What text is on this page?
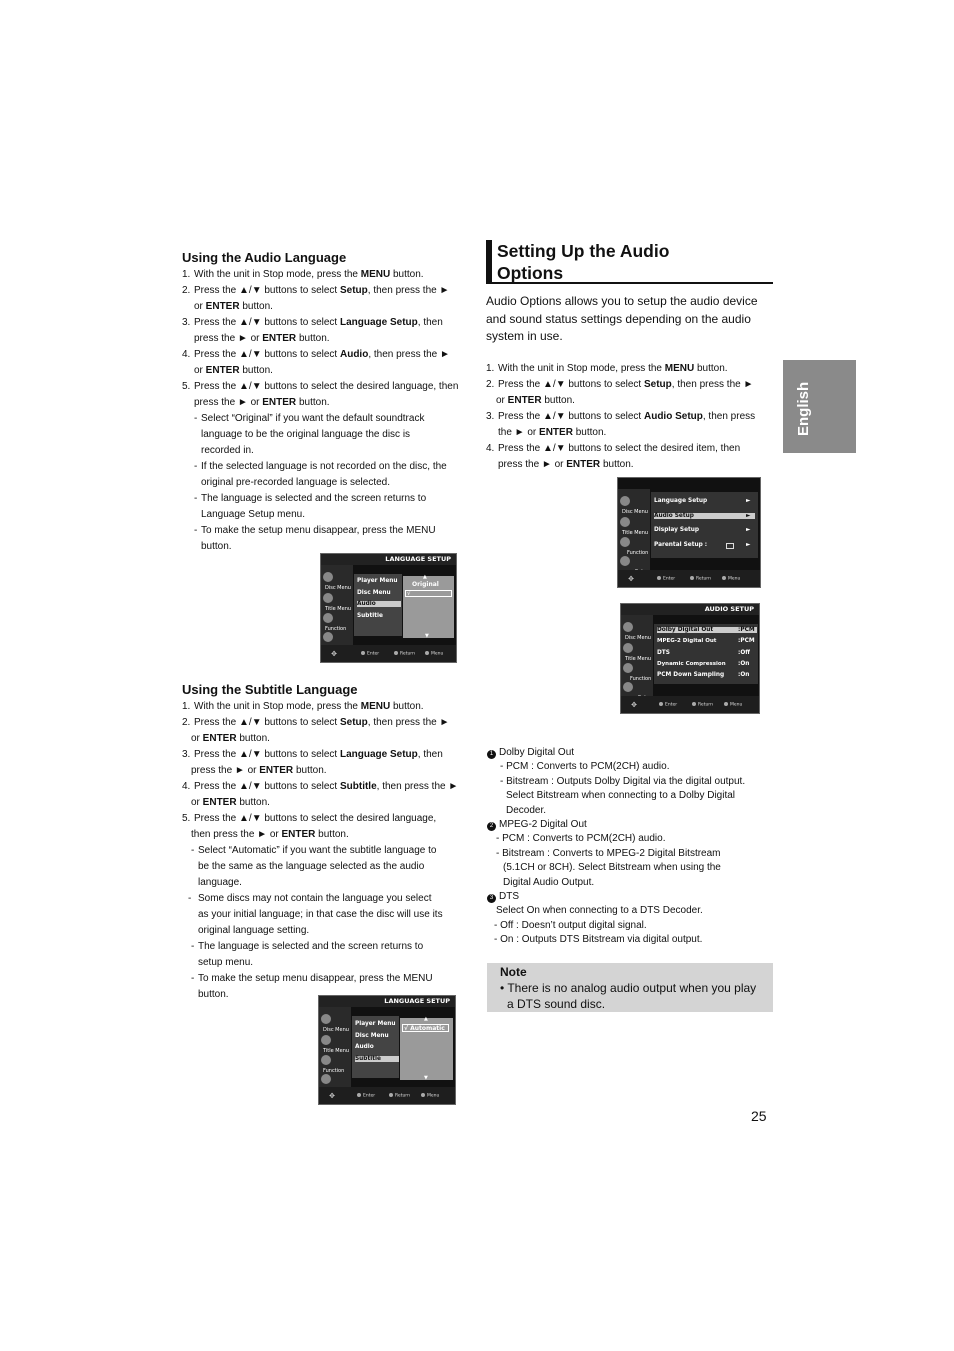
Using the Audio Language
1. With the unit in Stop mode, press the MENU button.
2. Press the ▲/▼ buttons to select Setup, then press the ►
or ENTER button.
3. Press the ▲/▼ buttons to select Language Setup, then
press the ► or ENTER button.
4. Press the ▲/▼ buttons to select Audio, then press the ►
or ENTER button.
5. Press the ▲/▼ buttons to select the desired language, then
press the ► or ENTER button.
- Select “Original” if you want the default soundtrack
language to be the original language the disc is
recorded in.
- If the selected language is not recorded on the disc, the
original pre-recorded language is selected.
- The language is selected and the screen returns to
Language Setup menu.
- To make the setup menu disappear, press the MENU
button.
LANGUAGE SETUP
Disc Menu
Title Menu
Function
Player Menu
Disc Menu
Audio
Subtitle
▲
Original
√
▼
✥	Enter	Return	Menu
Using the Subtitle Language
1. With the unit in Stop mode, press the MENU button.
2. Press the ▲/▼ buttons to select Setup, then press the ►
or ENTER button.
3. Press the ▲/▼ buttons to select Language Setup, then
press the ► or ENTER button.
4. Press the ▲/▼ buttons to select Subtitle, then press the ►
or ENTER button.
5. Press the ▲/▼ buttons to select the desired language,
then press the ► or ENTER button.
- Select “Automatic” if you want the subtitle language to
be the same as the language selected as the audio
language.
- Some discs may not contain the language you select
as your initial language; in that case the disc will use its
original language setting.
- The language is selected and the screen returns to
setup menu.
- To make the setup menu disappear, press the MENU
button.
LANGUAGE SETUP
Disc Menu
Title Menu
Function
Player Menu
Disc Menu
Audio
Subtitle
▲
√ Automatic
▼
✥	Enter	Return	Menu
Setting Up the Audio
Options

Audio Options allows you to setup the audio device and sound status settings depending on the audio system in use.

1. With the unit in Stop mode, press the MENU button.
2. Press the ▲/▼ buttons to select Setup, then press the ►
or ENTER button.
3. Press the ▲/▼ buttons to select Audio Setup, then press
the ► or ENTER button.
4. Press the ▲/▼ buttons to select the desired item, then
press the ► or ENTER button.
Disc Menu
Title Menu
Function
Language Setup	►
Audio Setup	►
Display Setup	►
Parental Setup :	►
✥	Enter	Return	Menu
AUDIO SETUP
Disc Menu
Title Menu
Function
Dolby Digital Out	:PCM
MPEG-2 Digital Out	:PCM
DTS	:Off
Dynamic Compression :On
PCM Down Sampling :On
✥	Enter	Return	Menu
1 Dolby Digital Out
- PCM : Converts to PCM(2CH) audio.
- Bitstream : Outputs Dolby Digital via the digital output.
Select Bitstream when connecting to a Dolby Digital
Decoder.
2 MPEG-2 Digital Out
- PCM : Converts to PCM(2CH) audio.
- Bitstream : Converts to MPEG-2 Digital Bitstream
(5.1CH or 8CH). Select Bitstream when using the
Digital Audio Output.
3 DTS
Select On when connecting to a DTS Decoder.
- Off : Doesn’t output digital signal.
- On : Outputs DTS Bitstream via digital output.
Note
• There is no analog audio output when you play
a DTS sound disc.
English
25
